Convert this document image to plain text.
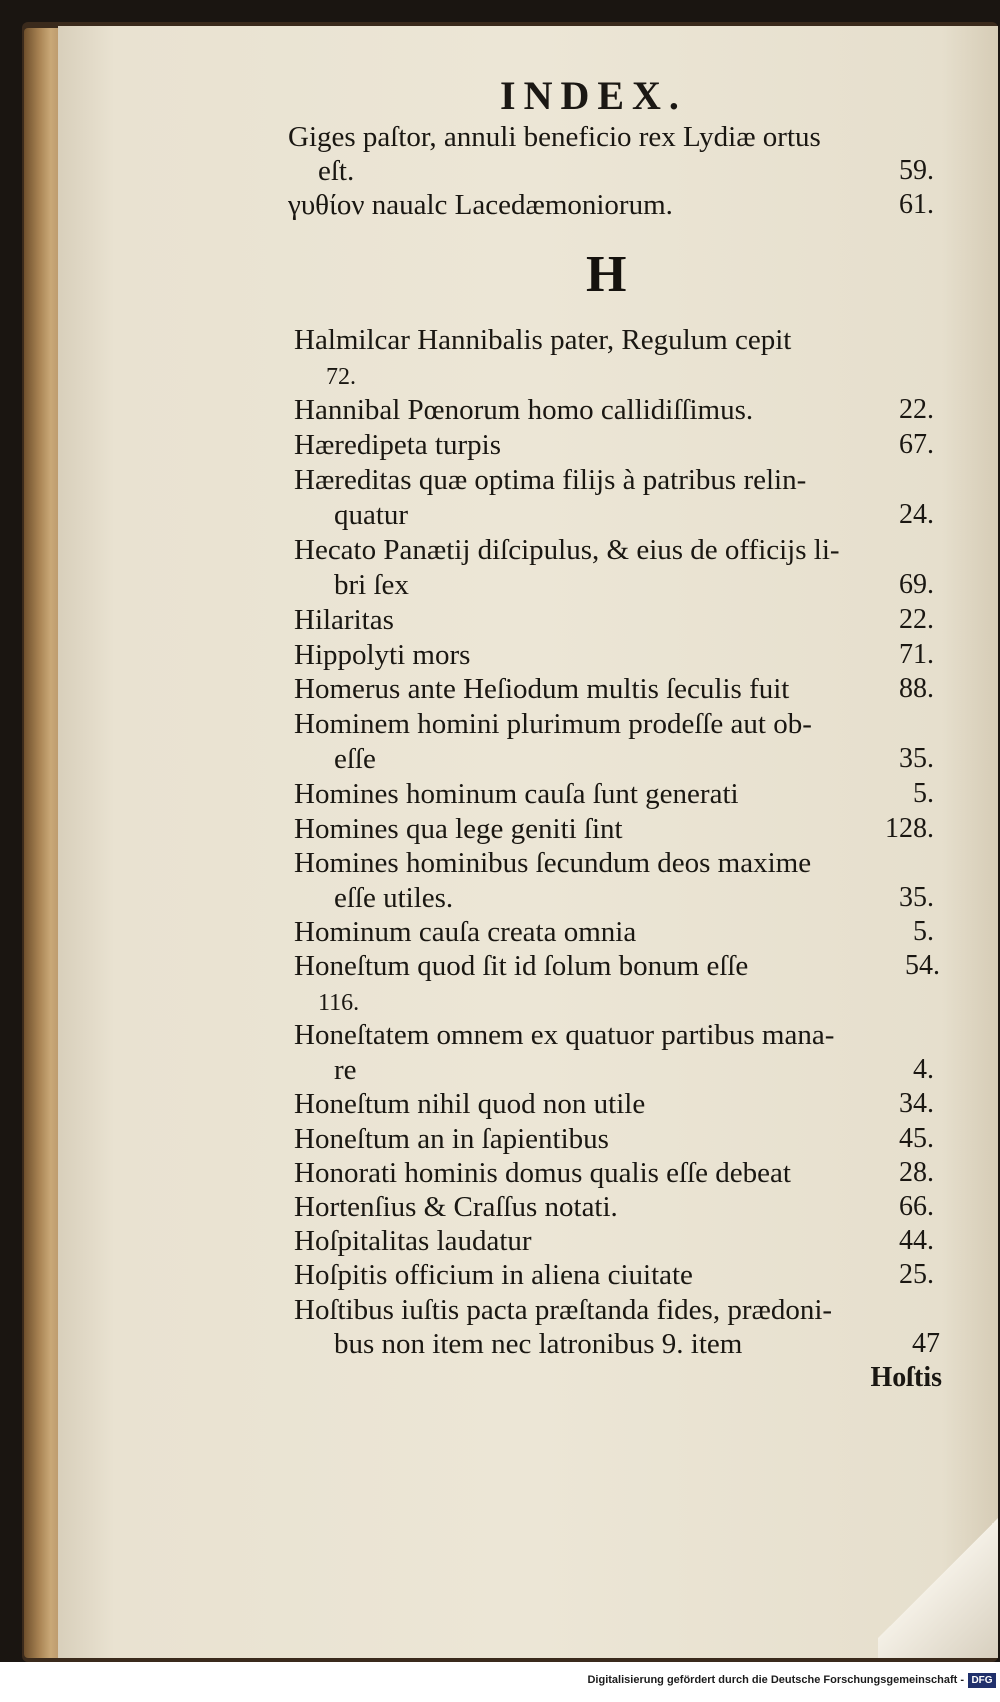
INDEX.
H
Giges paſtor, annuli beneficio rex Lydiæ ortus
eſt.	59.
γυθίον naualc Lacedæmoniorum.	61.
Halmilcar Hannibalis pater, Regulum cepit
72.
Hannibal Pœnorum homo callidiſſimus.	22.
Hæredipeta turpis	67.
Hæreditas quæ optima filijs à patribus relin-
quatur	24.
Hecato Panætij diſcipulus, & eius de officijs li-
bri ſex	69.
Hilaritas	22.
Hippolyti mors	71.
Homerus ante Heſiodum multis ſeculis fuit	88.
Hominem homini plurimum prodeſſe aut ob-
eſſe	35.
Homines hominum cauſa ſunt generati	5.
Homines qua lege geniti ſint	128.
Homines hominibus ſecundum deos maxime
eſſe utiles.	35.
Hominum cauſa creata omnia	5.
Honeſtum quod ſit id ſolum bonum eſſe	54.
116.
Honeſtatem omnem ex quatuor partibus mana-
re	4.
Honeſtum nihil quod non utile	34.
Honeſtum an in ſapientibus	45.
Honorati hominis domus qualis eſſe debeat	28.
Hortenſius & Craſſus notati.	66.
Hoſpitalitas laudatur	44.
Hoſpitis officium in aliena ciuitate	25.
Hoſtibus iuſtis pacta præſtanda fides, prædoni-
bus non item nec latronibus 9. item	47
Hoſtis
Digitalisierung gefördert durch die Deutsche Forschungsgemeinschaft - DFG
